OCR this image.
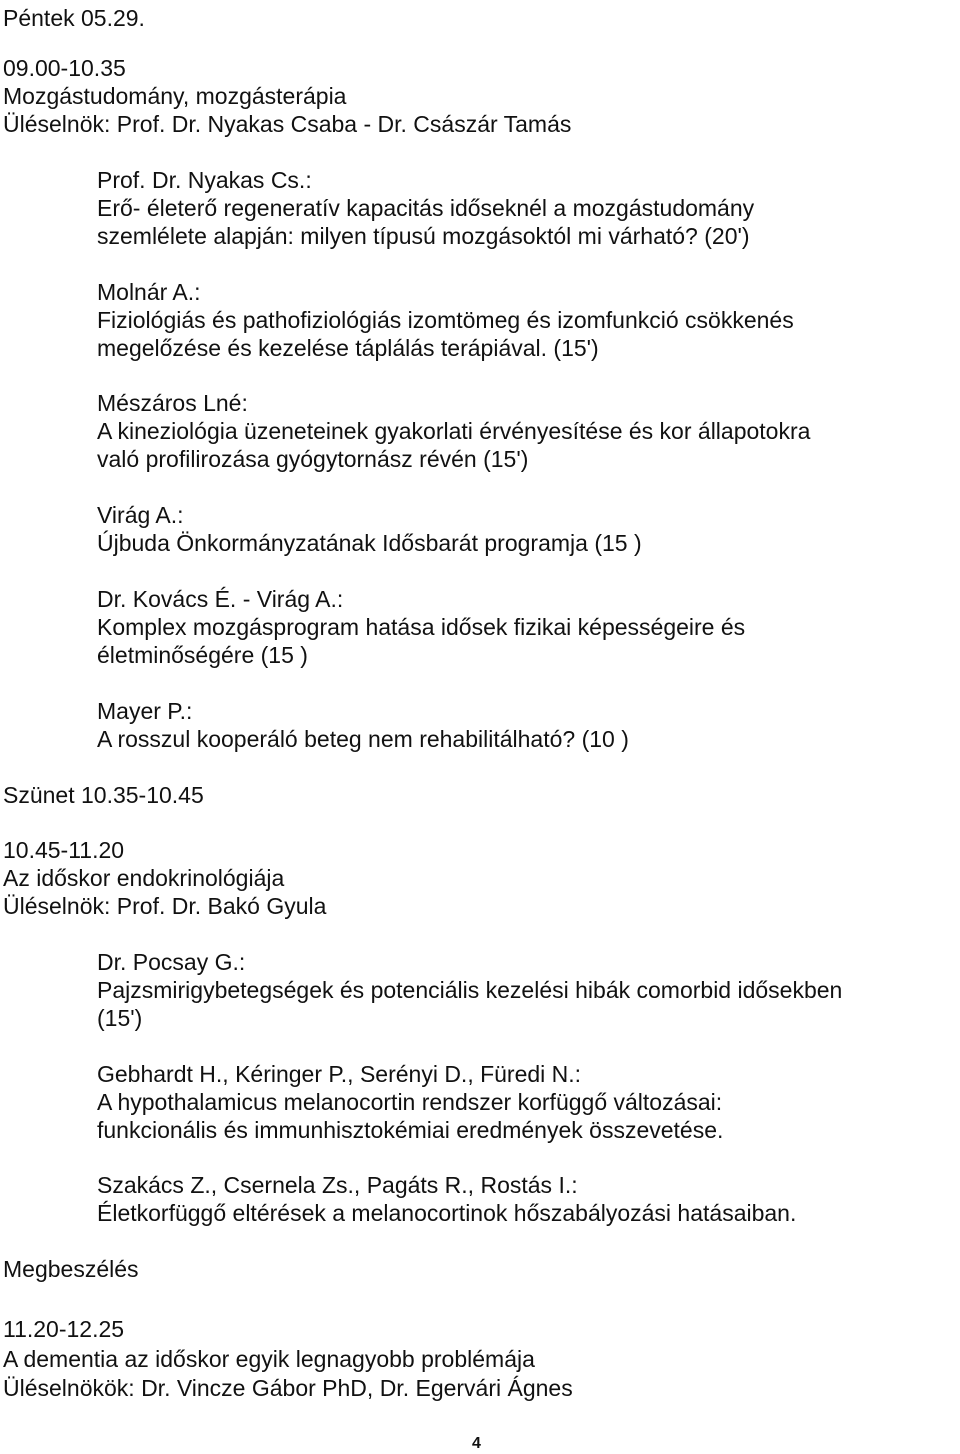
Péntek 05.29.

09.00-10.35

Mozgástudomány, mozgásterápia

Üléselnök: Prof. Dr. Nyakas Csaba - Dr. Császár Tamás

Prof. Dr. Nyakas Cs.:

Erő- életerő regeneratív kapacitás időseknél a mozgástudomány

szemlélete alapján: milyen típusú mozgásoktól mi várható? (20')

Molnár A.:

Fiziológiás és pathofiziológiás izomtömeg és izomfunkció csökkenés

megelőzése és kezelése táplálás terápiával. (15')

Mészáros Lné:

A kineziológia üzeneteinek gyakorlati érvényesítése és kor állapotokra

való profilirozása gyógytornász révén (15')

Virág A.:

Újbuda Önkormányzatának Idősbarát programja (15 )

Dr. Kovács É. - Virág A.:

Komplex mozgásprogram hatása idősek fizikai képességeire és

életminőségére (15 )

Mayer P.:

A rosszul kooperáló beteg nem rehabilitálható? (10 )

Szünet 10.35-10.45

10.45-11.20

Az időskor endokrinológiája

Üléselnök: Prof. Dr. Bakó Gyula

Dr. Pocsay G.:

Pajzsmirigybetegségek és potenciális kezelési hibák comorbid idősekben

(15')

Gebhardt H., Kéringer P., Serényi D., Füredi N.:

A hypothalamicus melanocortin rendszer korfüggő változásai:

funkcionális és immunhisztokémiai eredmények összevetése.

Szakács Z., Csernela Zs., Pagáts R., Rostás I.:

Életkorfüggő eltérések a melanocortinok hőszabályozási hatásaiban.

Megbeszélés

11.20-12.25

A dementia az időskor egyik legnagyobb problémája

Üléselnökök: Dr. Vincze Gábor PhD, Dr. Egervári Ágnes

4
